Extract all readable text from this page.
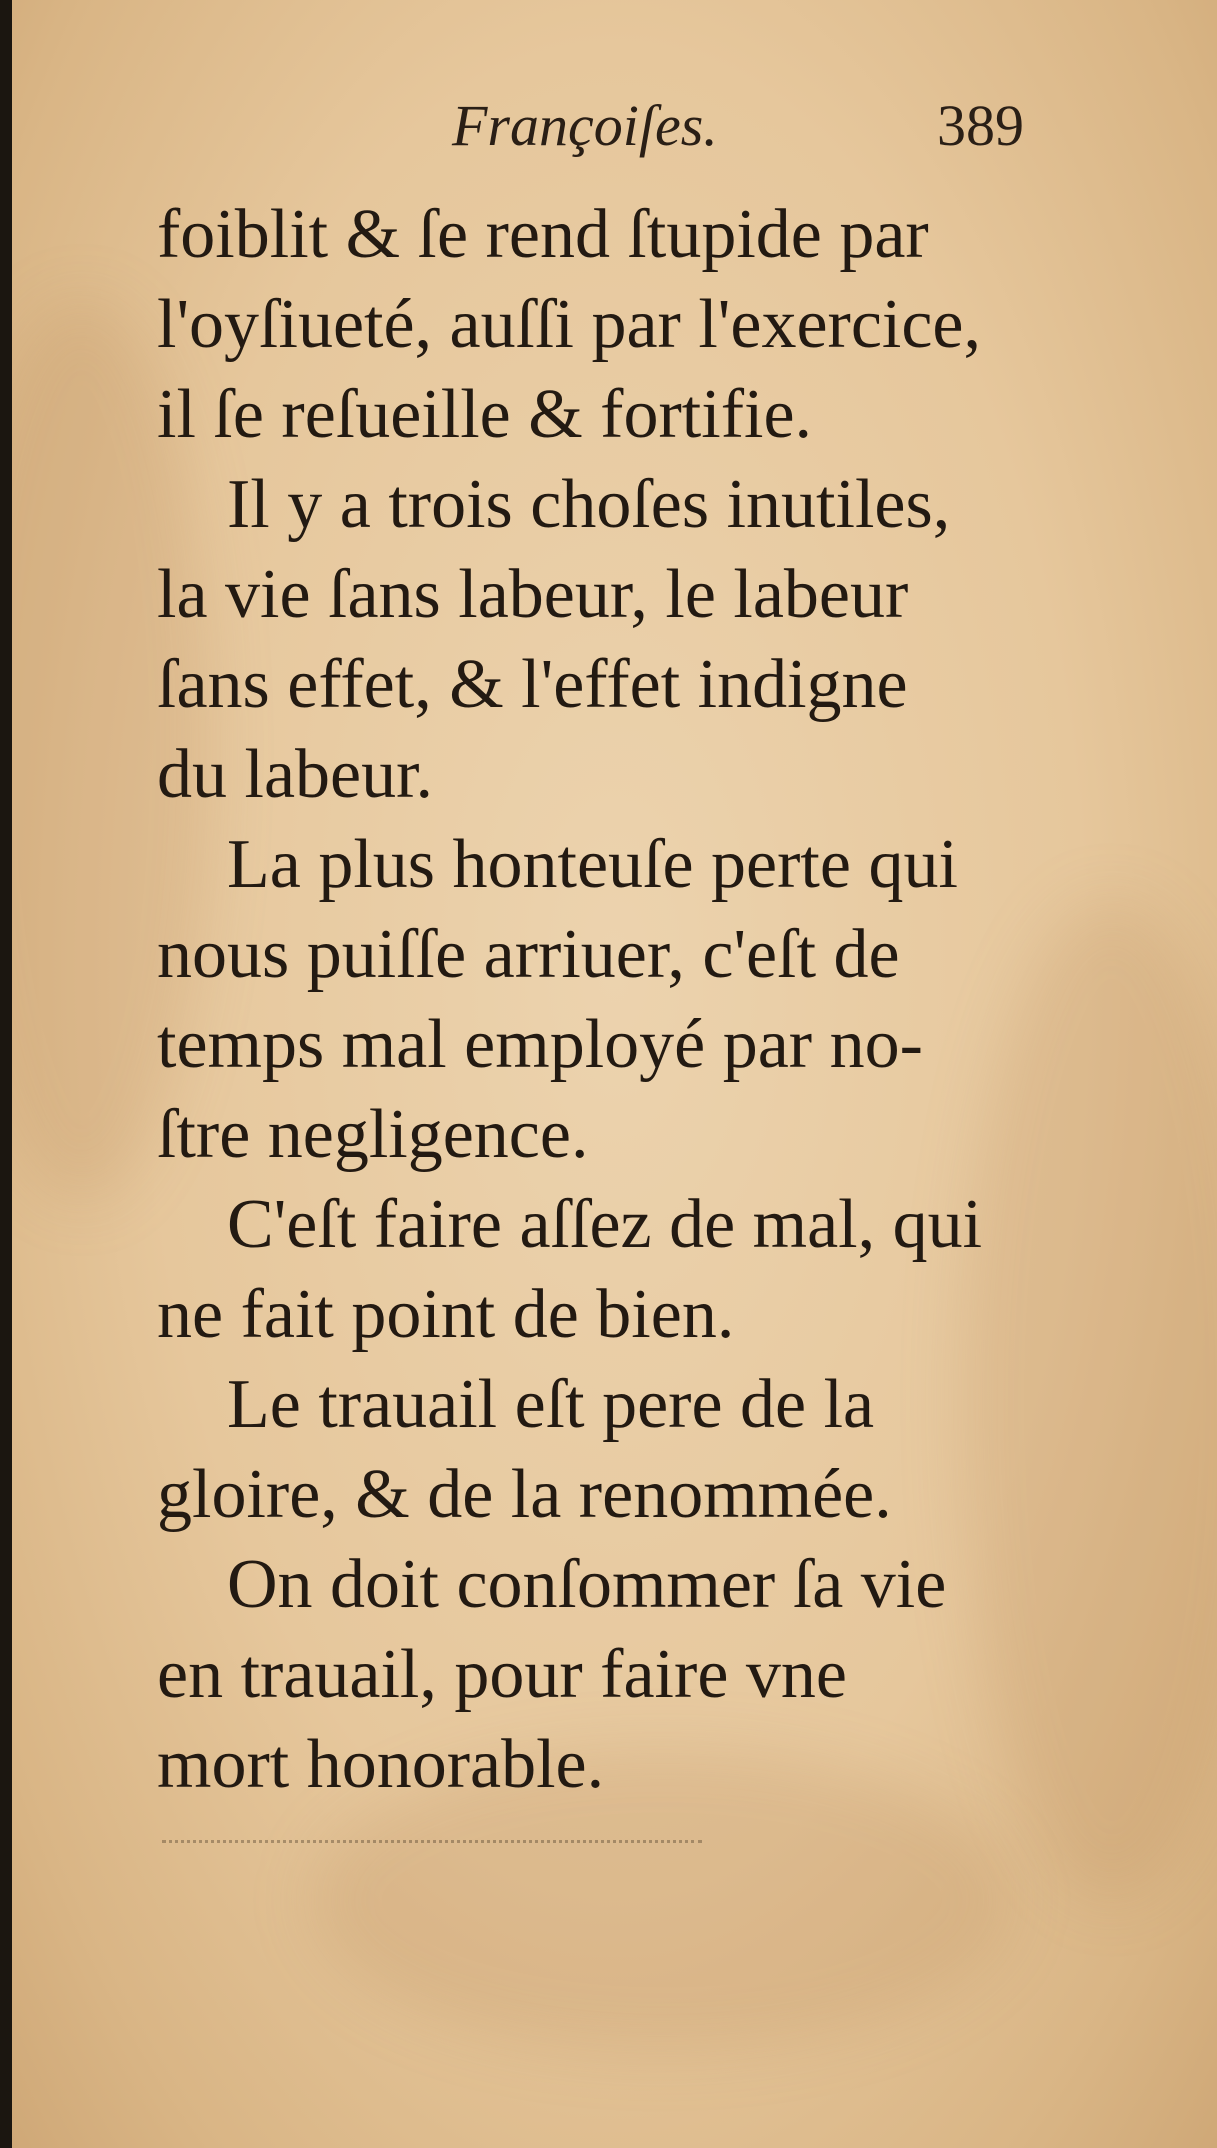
Françoiſes.	389
foiblit & ſe rend ſtupide par
l'oyſiueté, auſſi par l'exercice,
il ſe reſueille & fortifie.
Il y a trois choſes inutiles,
la vie ſans labeur, le labeur
ſans effet, & l'effet indigne
du labeur.
La plus honteuſe perte qui
nous puiſſe arriuer, c'eſt de
temps mal employé par no-
ſtre negligence.
C'eſt faire aſſez de mal, qui
ne fait point de bien.
Le trauail eſt pere de la
gloire, & de la renommée.
On doit conſommer ſa vie
en trauail, pour faire vne
mort honorable.
